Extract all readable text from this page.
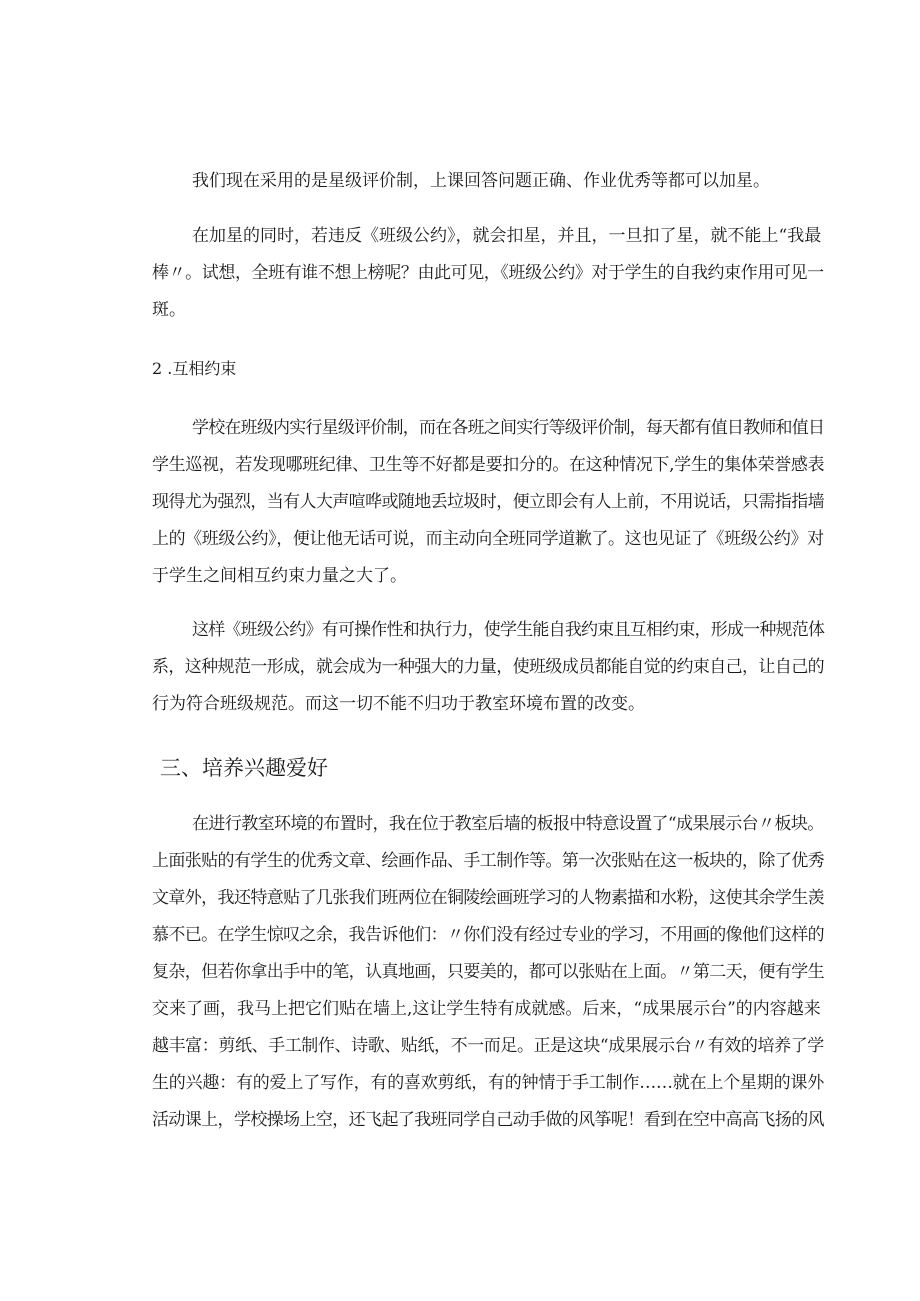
我们现在采用的是星级评价制，上课回答问题正确、作业优秀等都可以加星。
在加星的同时，若违反《班级公约》，就会扣星，并且，一旦扣了星，就不能上“我最
棒〃。试想，全班有谁不想上榜呢？由此可见，《班级公约》对于学生的自我约束作用可见一
斑。
2 .互相约束
学校在班级内实行星级评价制，而在各班之间实行等级评价制，每天都有值日教师和值日
学生巡视，若发现哪班纪律、卫生等不好都是要扣分的。在这种情况下,学生的集体荣誉感表
现得尤为强烈，当有人大声喧哗或随地丢垃圾时，便立即会有人上前，不用说话，只需指指墙
上的《班级公约》，便让他无话可说，而主动向全班同学道歉了。这也见证了《班级公约》对
于学生之间相互约束力量之大了。
这样《班级公约》有可操作性和执行力，使学生能自我约束且互相约束，形成一种规范体
系，这种规范一形成，就会成为一种强大的力量，使班级成员都能自觉的约束自己，让自己的
行为符合班级规范。而这一切不能不归功于教室环境布置的改变。
三、培养兴趣爱好
在进行教室环境的布置时，我在位于教室后墙的板报中特意设置了“成果展示台〃板块。
上面张贴的有学生的优秀文章、绘画作品、手工制作等。第一次张贴在这一板块的，除了优秀
文章外，我还特意贴了几张我们班两位在铜陵绘画班学习的人物素描和水粉，这使其余学生羡
慕不已。在学生惊叹之余，我告诉他们：〃你们没有经过专业的学习，不用画的像他们这样的
复杂，但若你拿出手中的笔，认真地画，只要美的，都可以张贴在上面。〃第二天，便有学生
交来了画，我马上把它们贴在墙上,这让学生特有成就感。后来，“成果展示台”的内容越来
越丰富：剪纸、手工制作、诗歌、贴纸，不一而足。正是这块“成果展示台〃有效的培养了学
生的兴趣：有的爱上了写作，有的喜欢剪纸，有的钟情于手工制作……就在上个星期的课外
活动课上，学校操场上空，还飞起了我班同学自己动手做的风筝呢！看到在空中高高飞扬的风
